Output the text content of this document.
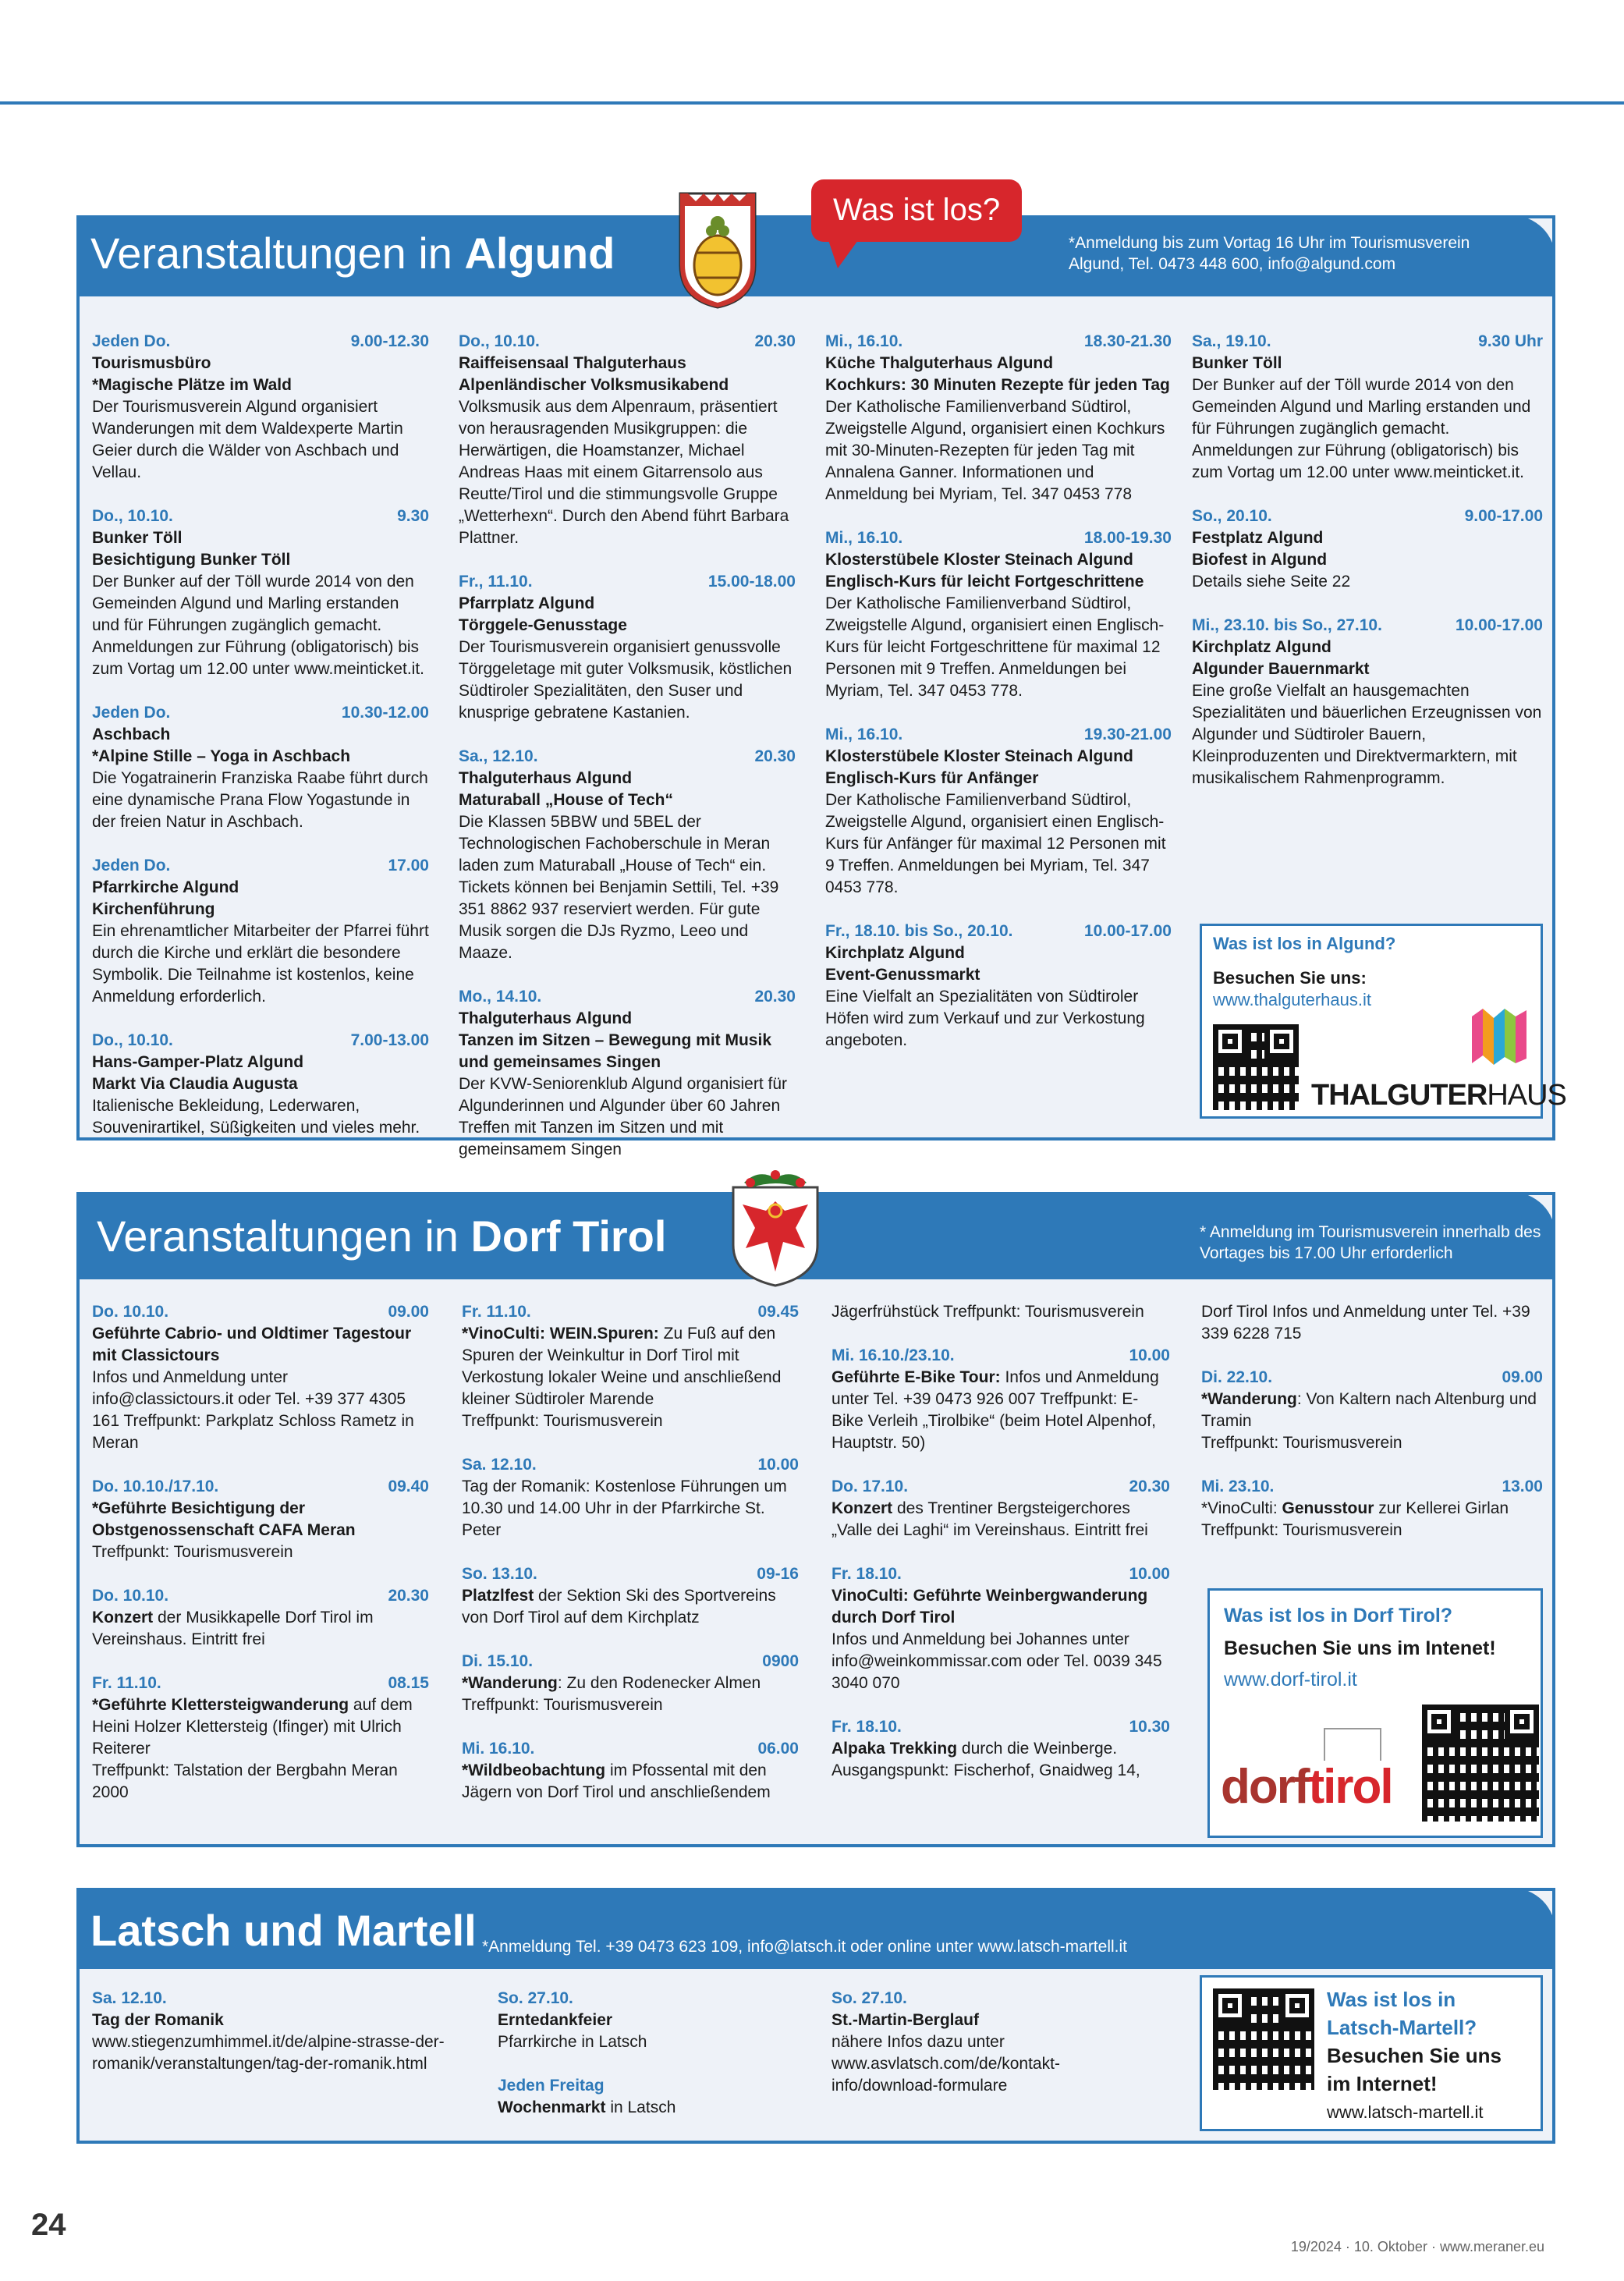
Veranstaltungen in Algund	*Anmeldung bis zum Vortag 16 Uhr im Tourismusverein Algund, Tel. 0473 448 600, info@algund.com
Jeden Do.	9.00-12.30
Tourismusbüro
*Magische Plätze im Wald
Der Tourismusverein Algund organisiert Wanderungen mit dem Waldexperte Martin Geier durch die Wälder von Aschbach und Vellau.
Do., 10.10.	9.30
Bunker Töll
Besichtigung Bunker Töll
Der Bunker auf der Töll wurde 2014 von den Gemeinden Algund und Marling erstanden und für Führungen zugänglich gemacht. Anmeldungen zur Führung (obligatorisch) bis zum Vortag um 12.00 unter www.meinticket.it.
Jeden Do.	10.30-12.00
Aschbach
*Alpine Stille – Yoga in Aschbach
Die Yogatrainerin Franziska Raabe führt durch eine dynamische Prana Flow Yogastunde in der freien Natur in Aschbach.
Jeden Do.	17.00
Pfarrkirche Algund
Kirchenführung
Ein ehrenamtlicher Mitarbeiter der Pfarrei führt durch die Kirche und erklärt die besondere Symbolik. Die Teilnahme ist kostenlos, keine Anmeldung erforderlich.
Do., 10.10.	7.00-13.00
Hans-Gamper-Platz Algund
Markt Via Claudia Augusta
Italienische Bekleidung, Lederwaren, Souvenirartikel, Süßigkeiten und vieles mehr.
Do., 10.10.	20.30
Raiffeisensaal Thalguterhaus
Alpenländischer Volksmusikabend
Volksmusik aus dem Alpenraum, präsentiert von herausragenden Musikgruppen: die Herwärtigen, die Hoamstanzer, Michael Andreas Haas mit einem Gitarrensolo aus Reutte/Tirol und die stimmungsvolle Gruppe „Wetterhexn“. Durch den Abend führt Barbara Plattner.
Fr., 11.10.	15.00-18.00
Pfarrplatz Algund
Törggele-Genusstage
Der Tourismusverein organisiert genussvolle Törggeletage mit guter Volksmusik, köstlichen Südtiroler Spezialitäten, den Suser und knusprige gebratene Kastanien.
Sa., 12.10.	20.30
Thalguterhaus Algund
Maturaball „House of Tech“
Die Klassen 5BBW und 5BEL der Technologischen Fachoberschule in Meran laden zum Maturaball „House of Tech“ ein. Tickets können bei Benjamin Settili, Tel. +39 351 8862 937 reserviert werden. Für gute Musik sorgen die DJs Ryzmo, Leeo und Maaze.
Mo., 14.10.	20.30
Thalguterhaus Algund
Tanzen im Sitzen – Bewegung mit Musik und gemeinsames Singen
Der KVW-Seniorenklub Algund organisiert für Algunderinnen und Algunder über 60 Jahren Treffen mit Tanzen im Sitzen und mit gemeinsamem Singen
Mi., 16.10.	18.30-21.30
Küche Thalguterhaus Algund
Kochkurs: 30 Minuten Rezepte für jeden Tag
Der Katholische Familienverband Südtirol, Zweigstelle Algund, organisiert einen Kochkurs mit 30-Minuten-Rezepten für jeden Tag mit Annalena Ganner. Informationen und Anmeldung bei Myriam, Tel. 347 0453 778
Mi., 16.10.	18.00-19.30
Klosterstübele Kloster Steinach Algund
Englisch-Kurs für leicht Fortgeschrittene
Der Katholische Familienverband Südtirol, Zweigstelle Algund, organisiert einen Englisch-Kurs für leicht Fortgeschrittene für maximal 12 Personen mit 9 Treffen. Anmeldungen bei Myriam, Tel. 347 0453 778.
Mi., 16.10.	19.30-21.00
Klosterstübele Kloster Steinach Algund
Englisch-Kurs für Anfänger
Der Katholische Familienverband Südtirol, Zweigstelle Algund, organisiert einen Englisch-Kurs für Anfänger für maximal 12 Personen mit 9 Treffen. Anmeldungen bei Myriam, Tel. 347 0453 778.
Fr., 18.10. bis So., 20.10.	10.00-17.00
Kirchplatz Algund
Event-Genussmarkt
Eine Vielfalt an Spezialitäten von Südtiroler Höfen wird zum Verkauf und zur Verkostung angeboten.
Sa., 19.10.	9.30 Uhr
Bunker Töll
Der Bunker auf der Töll wurde 2014 von den Gemeinden Algund und Marling erstanden und für Führungen zugänglich gemacht. Anmeldungen zur Führung (obligatorisch) bis zum Vortag um 12.00 unter www.meinticket.it.
So., 20.10.	9.00-17.00
Festplatz Algund
Biofest in Algund
Details siehe Seite 22
Mi., 23.10. bis So., 27.10.	10.00-17.00
Kirchplatz Algund
Algunder Bauernmarkt
Eine große Vielfalt an hausgemachten Spezialitäten und bäuerlichen Erzeugnissen von Algunder und Südtiroler Bauern, Kleinproduzenten und Direktvermarktern, mit musikalischem Rahmenprogramm.
Was ist los in Algund?
Besuchen Sie uns:
www.thalguterhaus.it
THALGUTERHAUS
Was ist los?
Veranstaltungen in Dorf Tirol	* Anmeldung im Tourismusverein innerhalb des Vortages bis 17.00 Uhr erforderlich
Do. 10.10.	09.00
Geführte Cabrio- und Oldtimer Tagestour mit Classictours
Infos und Anmeldung unter info@classictours.it oder Tel. +39 377 4305 161 Treffpunkt: Parkplatz Schloss Rametz in Meran
Do. 10.10./17.10.	09.40
*Geführte Besichtigung der Obstgenossenschaft CAFA Meran
Treffpunkt: Tourismusverein
Do. 10.10.	20.30
Konzert der Musikkapelle Dorf Tirol im Vereinshaus. Eintritt frei
Fr. 11.10.	08.15
*Geführte Klettersteigwanderung auf dem Heini Holzer Klettersteig (Ifinger) mit Ulrich Reiterer
Treffpunkt: Talstation der Bergbahn Meran 2000
Fr. 11.10.	09.45
*VinoCulti: WEIN.Spuren: Zu Fuß auf den Spuren der Weinkultur in Dorf Tirol mit Verkostung lokaler Weine und anschließend kleiner Südtiroler Marende
Treffpunkt: Tourismusverein
Sa. 12.10.	10.00
Tag der Romanik: Kostenlose Führungen um 10.30 und 14.00 Uhr in der Pfarrkirche St. Peter
So. 13.10.	09-16
Platzlfest der Sektion Ski des Sportvereins von Dorf Tirol auf dem Kirchplatz
Di. 15.10.	0900
*Wanderung: Zu den Rodenecker Almen
Treffpunkt: Tourismusverein
Mi. 16.10.	06.00
*Wildbeobachtung im Pfossental mit den Jägern von Dorf Tirol und anschließendem
Jägerfrühstück Treffpunkt: Tourismusverein
Mi. 16.10./23.10.	10.00
Geführte E-Bike Tour: Infos und Anmeldung unter Tel. +39 0473 926 007 Treffpunkt: E-Bike Verleih „Tirolbike“ (beim Hotel Alpenhof, Hauptstr. 50)
Do. 17.10.	20.30
Konzert des Trentiner Bergsteigerchores „Valle dei Laghi“ im Vereinshaus. Eintritt frei
Fr. 18.10.	10.00
VinoCulti: Geführte Weinbergwanderung durch Dorf Tirol
Infos und Anmeldung bei Johannes unter info@weinkommissar.com oder Tel. 0039 345 3040 070
Fr. 18.10.	10.30
Alpaka Trekking durch die Weinberge.
Ausgangspunkt: Fischerhof, Gnaidweg 14,
Dorf Tirol Infos und Anmeldung unter Tel. +39 339 6228 715
Di. 22.10.	09.00
*Wanderung: Von Kaltern nach Altenburg und Tramin
Treffpunkt: Tourismusverein
Mi. 23.10.	13.00
*VinoCulti: Genusstour zur Kellerei Girlan
Treffpunkt: Tourismusverein
Was ist los in Dorf Tirol?
Besuchen Sie uns im Intenet!
www.dorf-tirol.it
dorftirol
Latsch und Martell *Anmeldung Tel. +39 0473 623 109, info@latsch.it oder online unter www.latsch-martell.it
Sa. 12.10.
Tag der Romanik
www.stiegenzumhimmel.it/de/alpine-strasse-der-romanik/veranstaltungen/tag-der-romanik.html
So. 27.10.
Erntedankfeier
Pfarrkirche in Latsch
Jeden Freitag
Wochenmarkt in Latsch
So. 27.10.
St.-Martin-Berglauf
nähere Infos dazu unter www.asvlatsch.com/de/kontakt-info/download-formulare
Was ist los in
Latsch-Martell?
Besuchen Sie uns
im Internet!
www.latsch-martell.it
24
19/2024 · 10. Oktober · www.meraner.eu
